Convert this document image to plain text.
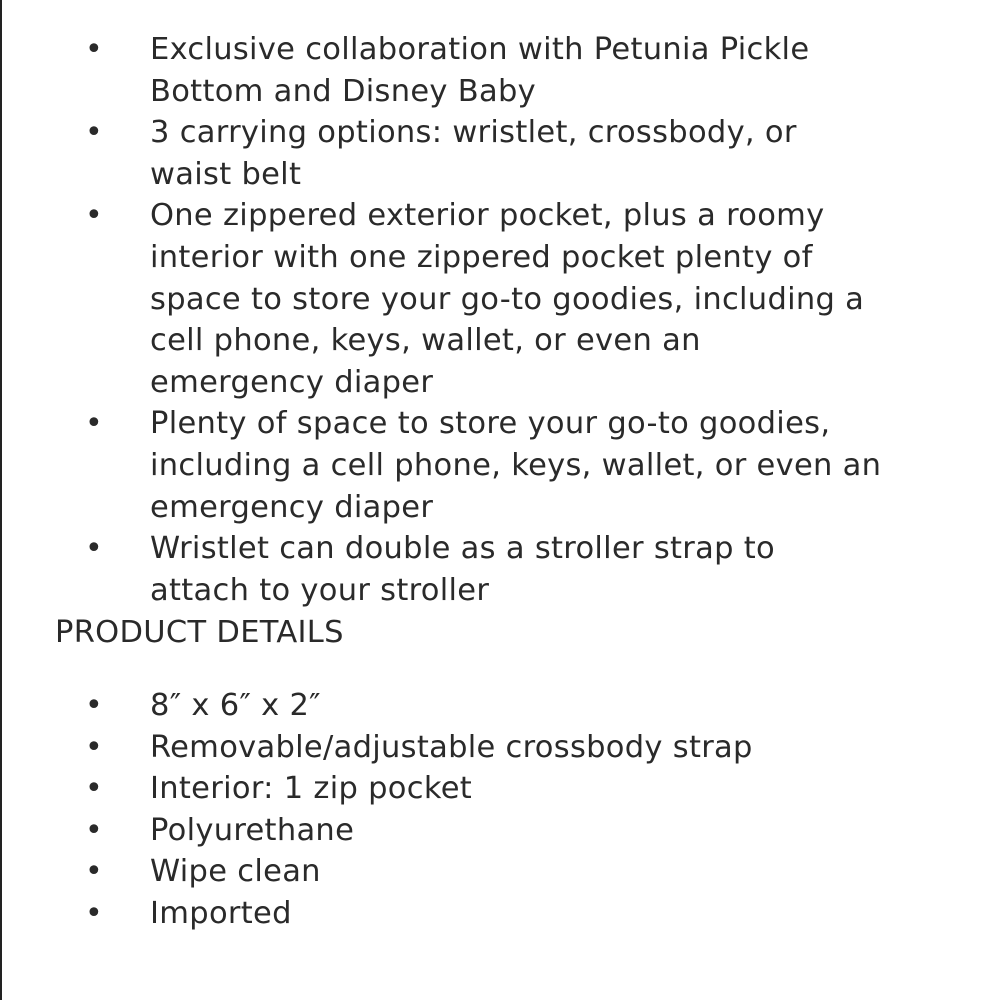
• Exclusive collaboration with Petunia Pickle
Bottom and Disney Baby
• 3 carrying options: wristlet, crossbody, or
waist belt
• One zippered exterior pocket, plus a roomy
interior with one zippered pocket plenty of
space to store your go-to goodies, including a
cell phone, keys, wallet, or even an
emergency diaper
• Plenty of space to store your go-to goodies,
including a cell phone, keys, wallet, or even an
emergency diaper
• Wristlet can double as a stroller strap to
attach to your stroller
PRODUCT DETAILS
• 8″ x 6″ x 2″
• Removable/adjustable crossbody strap
• Interior: 1 zip pocket
• Polyurethane
• Wipe clean
• Imported
